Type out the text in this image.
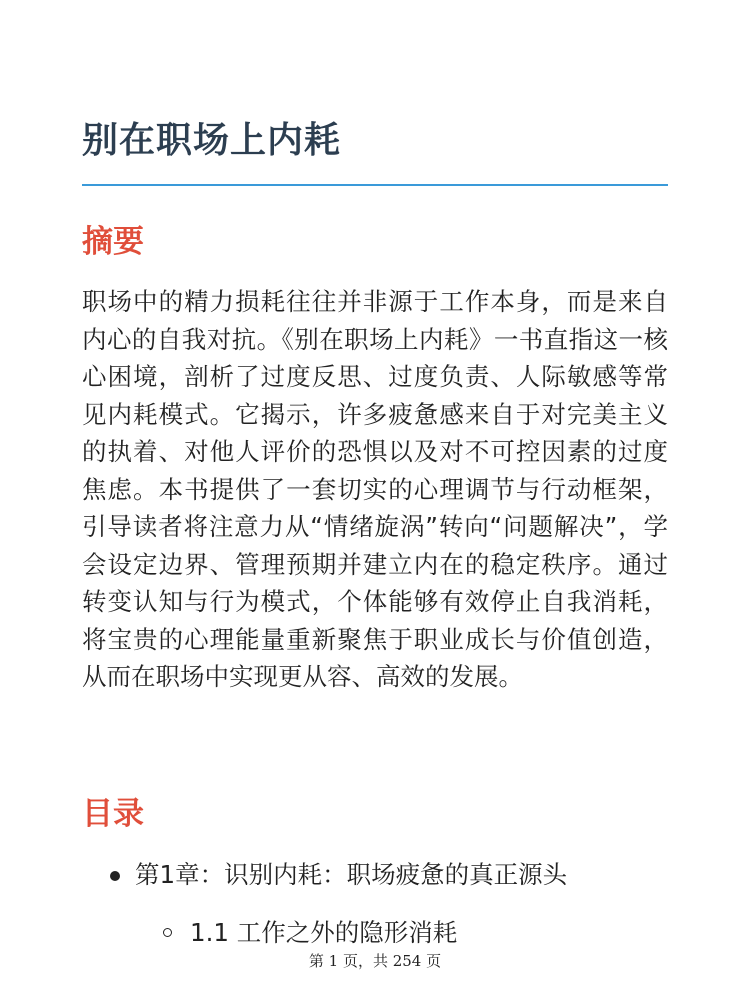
别在职场上内耗
摘要

职场中的精力损耗往往并非源于工作本身，而是来自内心的自我对抗。《别在职场上内耗》一书直指这一核心困境，剖析了过度反思、过度负责、人际敏感等常见内耗模式。它揭示，许多疲惫感来自于对完美主义的执着、对他人评价的恐惧以及对不可控因素的过度焦虑。本书提供了一套切实的心理调节与行动框架，引导读者将注意力从“情绪旋涡”转向“问题解决”，学会设定边界、管理预期并建立内在的稳定秩序。通过转变认知与行为模式，个体能够有效停止自我消耗，将宝贵的心理能量重新聚焦于职业成长与价值创造，从而在职场中实现更从容、高效的发展。

目录
第1章：识别内耗：职场疲惫的真正源头
1.1 工作之外的隐形消耗
第 1 页，共 254 页
